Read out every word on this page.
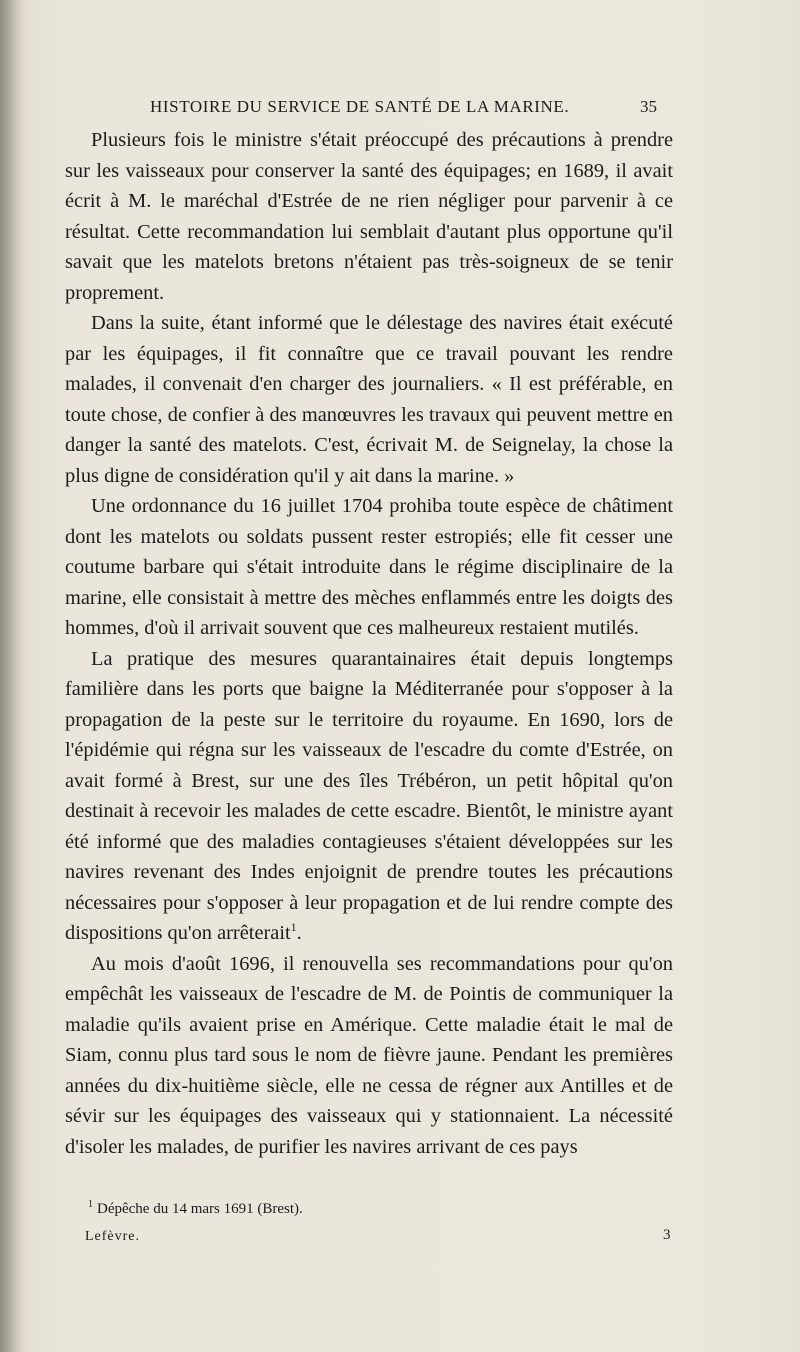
HISTOIRE DU SERVICE DE SANTÉ DE LA MARINE.	35

Plusieurs fois le ministre s'était préoccupé des précautions à prendre sur les vaisseaux pour conserver la santé des équipages; en 1689, il avait écrit à M. le maréchal d'Estrée de ne rien négliger pour parvenir à ce résultat. Cette recommandation lui semblait d'autant plus opportune qu'il savait que les matelots bretons n'étaient pas très-soigneux de se tenir proprement.

Dans la suite, étant informé que le délestage des navires était exécuté par les équipages, il fit connaître que ce travail pouvant les rendre malades, il convenait d'en charger des journaliers. « Il est préférable, en toute chose, de confier à des manœuvres les travaux qui peuvent mettre en danger la santé des matelots. C'est, écrivait M. de Seignelay, la chose la plus digne de considération qu'il y ait dans la marine. »

Une ordonnance du 16 juillet 1704 prohiba toute espèce de châtiment dont les matelots ou soldats pussent rester estropiés; elle fit cesser une coutume barbare qui s'était introduite dans le régime disciplinaire de la marine, elle consistait à mettre des mèches enflammés entre les doigts des hommes, d'où il arrivait souvent que ces malheureux restaient mutilés.

La pratique des mesures quarantainaires était depuis longtemps familière dans les ports que baigne la Méditerranée pour s'opposer à la propagation de la peste sur le territoire du royaume. En 1690, lors de l'épidémie qui régna sur les vaisseaux de l'escadre du comte d'Estrée, on avait formé à Brest, sur une des îles Trébéron, un petit hôpital qu'on destinait à recevoir les malades de cette escadre. Bientôt, le ministre ayant été informé que des maladies contagieuses s'étaient développées sur les navires revenant des Indes enjoignit de prendre toutes les précautions nécessaires pour s'opposer à leur propagation et de lui rendre compte des dispositions qu'on arrêterait$^1$.

Au mois d'août 1696, il renouvella ses recommandations pour qu'on empêchât les vaisseaux de l'escadre de M. de Pointis de communiquer la maladie qu'ils avaient prise en Amérique. Cette maladie était le mal de Siam, connu plus tard sous le nom de fièvre jaune. Pendant les premières années du dix-huitième siècle, elle ne cessa de régner aux Antilles et de sévir sur les équipages des vaisseaux qui y stationnaient. La nécessité d'isoler les malades, de purifier les navires arrivant de ces pays

$^1$ Dépêche du 14 mars 1691 (Brest).
Lefèvre.	3
